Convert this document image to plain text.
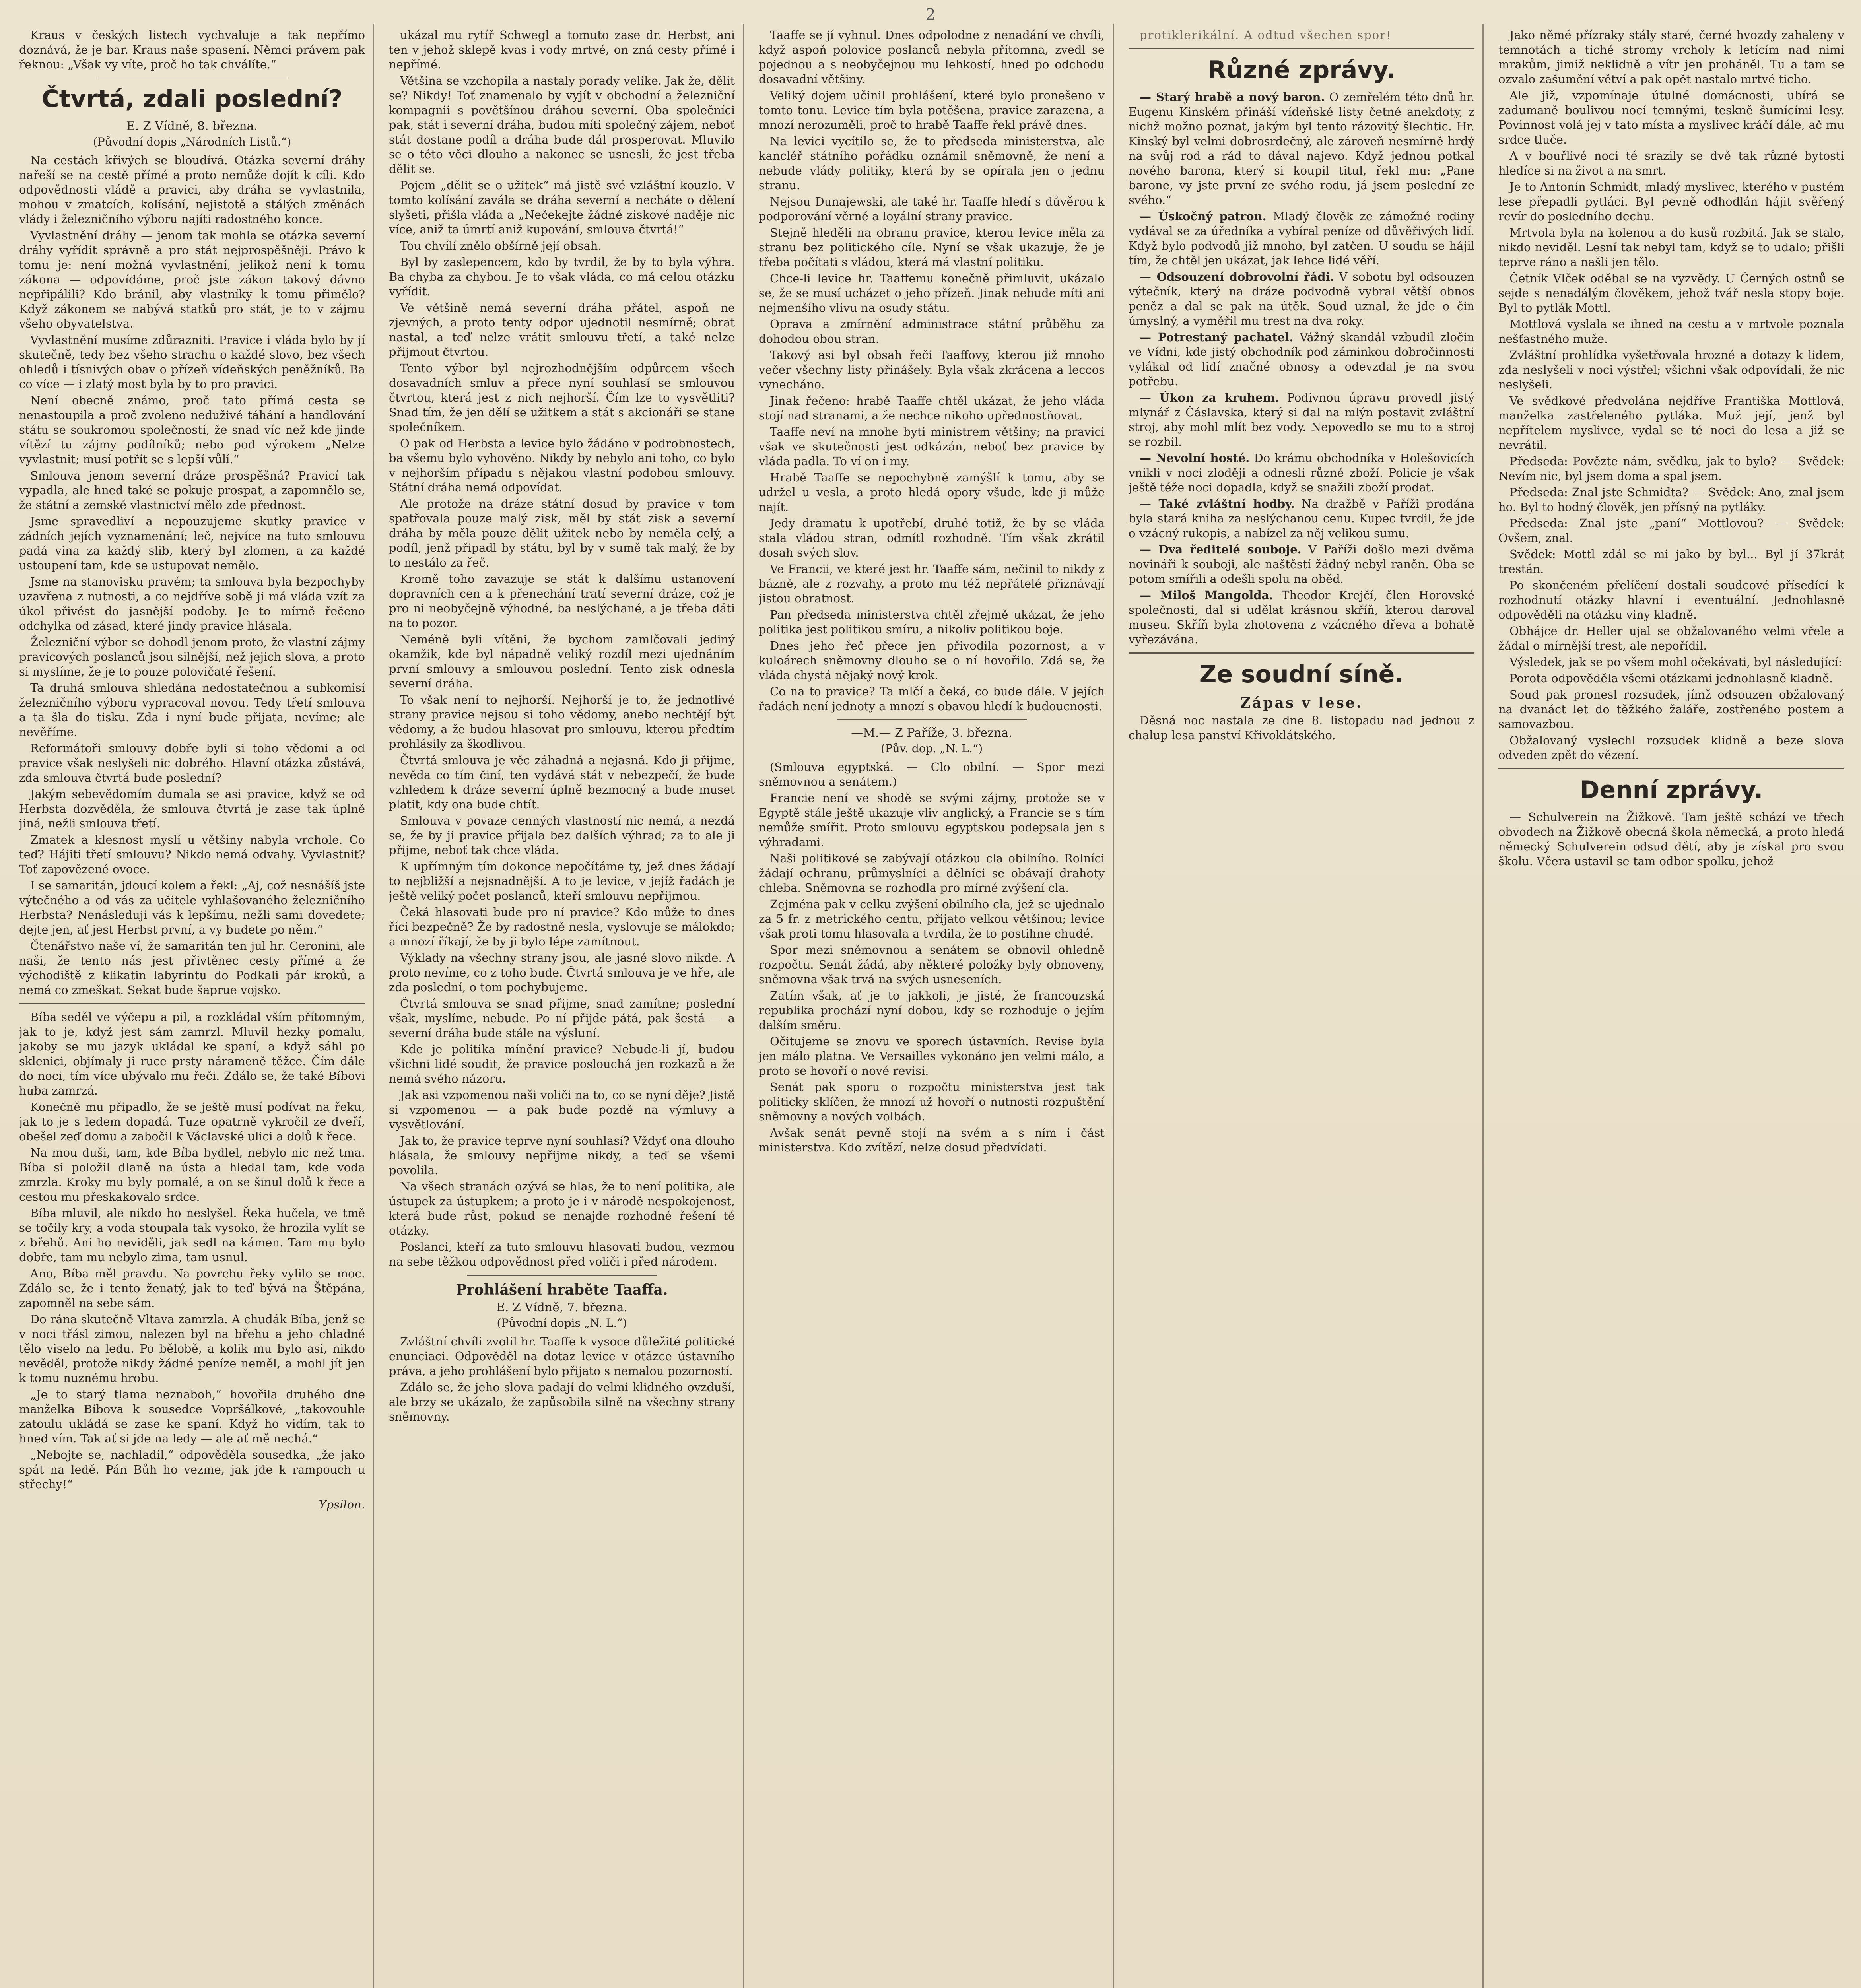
2

Kraus v českých listech vychvaluje a tak nepřímo doznává, že je bar. Kraus naše spasení. Němci právem pak řeknou: „Však vy víte, proč ho tak chválíte.“

Čtvrtá, zdali poslední?
E. Z Vídně, 8. března.
(Původní dopis „Národních Listů.“)

Na cestách křivých se bloudívá. Otázka severní dráhy nařeší se na cestě přímé a proto nemůže dojít k cíli. Kdo odpovědnosti vládě a pravici, aby dráha se vyvlastnila, mohou v zmatcích, kolísání, nejistotě a stálých změnách vlády i železničního výboru najíti radostného konce.

Vyvlastnění dráhy — jenom tak mohla se otázka severní dráhy vyřídit správně a pro stát nejprospěšněji. Právo k tomu je: není možná vyvlastnění, jelikož není k tomu zákona — odpovídáme, proč jste zákon takový dávno nepřipálili? Kdo bránil, aby vlastníky k tomu přimělo? Když zákonem se nabývá statků pro stát, je to v zájmu všeho obyvatelstva.

Vyvlastnění musíme zdůrazniti. Pravice i vláda bylo by jí skutečně, tedy bez všeho strachu o každé slovo, bez všech ohledů i tísnivých obav o přízeň vídeňských peněžníků. Ba co více — i zlatý most byla by to pro pravici.

Není obecně známo, proč tato přímá cesta se nenastoupila a proč zvoleno neduživé táhání a handlování státu se soukromou společností, že snad víc než kde jinde vítězí tu zájmy podílníků; nebo pod výrokem „Nelze vyvlastnit; musí potřít se s lepší vůlí.“

Smlouva jenom severní dráze prospěšná? Pravicí tak vypadla, ale hned také se pokuje prospat, a zapomnělo se, že státní a zemské vlastnictví mělo zde přednost.

Jsme spravedliví a nepouzujeme skutky pravice v zádních jejích vyznamenání; leč, nejvíce na tuto smlouvu padá vina za každý slib, který byl zlomen, a za každé ustoupení tam, kde se ustupovat nemělo.

Jsme na stanovisku pravém; ta smlouva byla bezpochyby uzavřena z nutnosti, a co nejdříve sobě ji má vláda vzít za úkol přivést do jasnější podoby. Je to mírně řečeno odchylka od zásad, které jindy pravice hlásala.

Železniční výbor se dohodl jenom proto, že vlastní zájmy pravicových poslanců jsou silnější, než jejich slova, a proto si myslíme, že je to pouze polovičaté řešení.

Ta druhá smlouva shledána nedostatečnou a subkomisí železničního výboru vypracoval novou. Tedy třetí smlouva a ta šla do tisku. Zda i nyní bude přijata, nevíme; ale nevěříme.

Reformátoři smlouvy dobře byli si toho vědomi a od pravice však neslyšeli nic dobrého. Hlavní otázka zůstává, zda smlouva čtvrtá bude poslední?

Jakým sebevědomím dumala se asi pravice, když se od Herbsta dozvěděla, že smlouva čtvrtá je zase tak úplně jiná, nežli smlouva třetí.

Zmatek a klesnost myslí u většiny nabyla vrchole. Co teď? Hájiti třetí smlouvu? Nikdo nemá odvahy. Vyvlastnit? Toť zapovězené ovoce.

I se samaritán, jdoucí kolem a řekl: „Aj, což nesnášíš jste výtečného a od vás za učitele vyhlašovaného železničního Herbsta? Nenásleduji vás k lepšímu, nežli sami dovedete; dejte jen, ať jest Herbst první, a vy budete po něm.“

Čtenářstvo naše ví, že samaritán ten jul hr. Ceronini, ale naši, že tento nás jest přivtěnec cesty přímé a že východiště z klikatin labyrintu do Podkali pár kroků, a nemá co zmeškat. Sekat bude šaprue vojsko.

Bíba seděl ve výčepu a pil, a rozkládal vším přítomným, jak to je, když jest sám zamrzl. Mluvil hezky pomalu, jakoby se mu jazyk ukládal ke spaní, a když sáhl po sklenici, objímaly ji ruce prsty nárameně těžce. Čím dále do noci, tím více ubývalo mu řeči. Zdálo se, že také Bíbovi huba zamrzá.

Konečně mu připadlo, že se ještě musí podívat na řeku, jak to je s ledem dopadá. Tuze opatrně vykročil ze dveří, obešel zeď domu a zabočil k Václavské ulici a dolů k řece.

Na mou duši, tam, kde Bíba bydlel, nebylo nic než tma. Bíba si položil dlaně na ústa a hledal tam, kde voda zmrzla. Kroky mu byly pomalé, a on se šinul dolů k řece a cestou mu přeskakovalo srdce.

Bíba mluvil, ale nikdo ho neslyšel. Řeka hučela, ve tmě se točily kry, a voda stoupala tak vysoko, že hrozila vylít se z břehů. Ani ho neviděli, jak sedl na kámen. Tam mu bylo dobře, tam mu nebylo zima, tam usnul.

Ano, Bíba měl pravdu. Na povrchu řeky vylilo se moc. Zdálo se, že i tento ženatý, jak to teď bývá na Štěpána, zapomněl na sebe sám.

Do rána skutečně Vltava zamrzla. A chudák Bíba, jenž se v noci třásl zimou, nalezen byl na břehu a jeho chladné tělo viselo na ledu. Po bělobě, a kolik mu bylo asi, nikdo nevěděl, protože nikdy žádné peníze neměl, a mohl jít jen k tomu nuznému hrobu.

„Je to starý tlama neznaboh,“ hovořila druhého dne manželka Bíbova k sousedce Vopršálkové, „takovouhle zatoulu ukládá se zase ke spaní. Když ho vidím, tak to hned vím. Tak ať si jde na ledy — ale ať mě nechá.“

„Nebojte se, nachladil,“ odpověděla sousedka, „že jako spát na ledě. Pán Bůh ho vezme, jak jde k rampouch u střechy!“

Ypsilon.

ukázal mu rytíř Schwegl a tomuto zase dr. Herbst, ani ten v jehož sklepě kvas i vody mrtvé, on zná cesty přímé i nepřímé.

Většina se vzchopila a nastaly porady velike. Jak že, dělit se? Nikdy! Toť znamenalo by vyjít v obchodní a železniční kompagnii s povětšínou dráhou severní. Oba společníci pak, stát i severní dráha, budou míti společný zájem, neboť stát dostane podíl a dráha bude dál prosperovat. Mluvilo se o této věci dlouho a nakonec se usnesli, že jest třeba dělit se.

Pojem „dělit se o užitek“ má jistě své vzláštní kouzlo. V tomto kolísání zavála se dráha severní a necháte o dělení slyšeti, přišla vláda a „Nečekejte žádné ziskové naděje nic více, aniž ta úmrtí aniž kupování, smlouva čtvrtá!“

Tou chvílí znělo obšírně její obsah.

Byl by zaslepencem, kdo by tvrdil, že by to byla výhra. Ba chyba za chybou. Je to však vláda, co má celou otázku vyřídit.

Ve většině nemá severní dráha přátel, aspoň ne zjevných, a proto tenty odpor ujednotil nesmírně; obrat nastal, a teď nelze vrátit smlouvu třetí, a také nelze přijmout čtvrtou.

Tento výbor byl nejrozhodnějším odpůrcem všech dosavadních smluv a přece nyní souhlasí se smlouvou čtvrtou, která jest z nich nejhorší. Čím lze to vysvětliti? Snad tím, že jen dělí se užitkem a stát s akcionáři se stane společníkem.

O pak od Herbsta a levice bylo žádáno v podrobnostech, ba všemu bylo vyhověno. Nikdy by nebylo ani toho, co bylo v nejhorším případu s nějakou vlastní podobou smlouvy. Státní dráha nemá odpovídat.

Ale protože na dráze státní dosud by pravice v tom spatřovala pouze malý zisk, měl by stát zisk a severní dráha by měla pouze dělit užitek nebo by neměla celý, a podíl, jenž připadl by státu, byl by v sumě tak malý, že by to nestálo za řeč.

Kromě toho zavazuje se stát k dalšímu ustanovení dopravních cen a k přenechání tratí severní dráze, což je pro ni neobyčejně výhodné, ba neslýchané, a je třeba dáti na to pozor.

Neméně byli vítěni, že bychom zamlčovali jediný okamžik, kde byl nápadně veliký rozdíl mezi ujednáním první smlouvy a smlouvou poslední. Tento zisk odnesla severní dráha.

To však není to nejhorší. Nejhorší je to, že jednotlivé strany pravice nejsou si toho vědomy, anebo nechtějí být vědomy, a že budou hlasovat pro smlouvu, kterou předtím prohlásily za škodlivou.

Čtvrtá smlouva je věc záhadná a nejasná. Kdo ji přijme, nevěda co tím činí, ten vydává stát v nebezpečí, že bude vzhledem k dráze severní úplně bezmocný a bude muset platit, kdy ona bude chtít.

Smlouva v povaze cenných vlastností nic nemá, a nezdá se, že by ji pravice přijala bez dalších výhrad; za to ale ji přijme, neboť tak chce vláda.

K upřímným tím dokonce nepočítáme ty, jež dnes žádají to nejbližší a nejsnadnější. A to je levice, v jejíž řadách je ještě veliký počet poslanců, kteří smlouvu nepřijmou.

Čeká hlasovati bude pro ní pravice? Kdo může to dnes říci bezpečně? Že by radostně nesla, vyslovuje se málokdo; a mnozí říkají, že by ji bylo lépe zamítnout.

Výklady na všechny strany jsou, ale jasné slovo nikde. A proto nevíme, co z toho bude. Čtvrtá smlouva je ve hře, ale zda poslední, o tom pochybujeme.

Čtvrtá smlouva se snad přijme, snad zamítne; poslední však, myslíme, nebude. Po ní přijde pátá, pak šestá — a severní dráha bude stále na výsluní.

Kde je politika mínění pravice? Nebude-li jí, budou všichni lidé soudit, že pravice poslouchá jen rozkazů a že nemá svého názoru.

Jak asi vzpomenou naši voliči na to, co se nyní děje? Jistě si vzpomenou — a pak bude pozdě na výmluvy a vysvětlování.

Jak to, že pravice teprve nyní souhlasí? Vždyť ona dlouho hlásala, že smlouvy nepřijme nikdy, a teď se všemi povolila.

Na všech stranách ozývá se hlas, že to není politika, ale ústupek za ústupkem; a proto je i v národě nespokojenost, která bude růst, pokud se nenajde rozhodné řešení té otázky.

Poslanci, kteří za tuto smlouvu hlasovati budou, vezmou na sebe těžkou odpovědnost před voliči i před národem.

Prohlášení hraběte Taaffa.
E. Z Vídně, 7. března.
(Původní dopis „N. L.“)

Zvláštní chvíli zvolil hr. Taaffe k vysoce důležité politické enunciaci. Odpověděl na dotaz levice v otázce ústavního práva, a jeho prohlášení bylo přijato s nemalou pozorností.

Zdálo se, že jeho slova padají do velmi klidného ovzduší, ale brzy se ukázalo, že zapůsobila silně na všechny strany sněmovny.

Taaffe se jí vyhnul. Dnes odpolodne z nenadání ve chvíli, když aspoň polovice poslanců nebyla přítomna, zvedl se pojednou a s neobyčejnou mu lehkostí, hned po odchodu dosavadní většiny.

Veliký dojem učinil prohlášení, které bylo pronešeno v tomto tonu. Levice tím byla potěšena, pravice zarazena, a mnozí nerozuměli, proč to hrabě Taaffe řekl právě dnes.

Na levici vycítilo se, že to předseda ministerstva, ale kancléř státního pořádku oznámil sněmovně, že není a nebude vlády politiky, která by se opírala jen o jednu stranu.

Nejsou Dunajewski, ale také hr. Taaffe hledí s důvěrou k podporování věrné a loyální strany pravice.

Stejně hleděli na obranu pravice, kterou levice měla za stranu bez politického cíle. Nyní se však ukazuje, že je třeba počítati s vládou, která má vlastní politiku.

Chce-li levice hr. Taaffemu konečně přimluvit, ukázalo se, že se musí ucházet o jeho přízeň. Jinak nebude míti ani nejmenšího vlivu na osudy státu.

Oprava a zmírnění administrace státní průběhu za dohodou obou stran.

Takový asi byl obsah řeči Taaffovy, kterou již mnoho večer všechny listy přinášely. Byla však zkrácena a leccos vynecháno.

Jinak řečeno: hrabě Taaffe chtěl ukázat, že jeho vláda stojí nad stranami, a že nechce nikoho upřednostňovat.

Taaffe neví na mnohe byti ministrem většiny; na pravici však ve skutečnosti jest odkázán, neboť bez pravice by vláda padla. To ví on i my.

Hrabě Taaffe se nepochybně zamýšlí k tomu, aby se udržel u vesla, a proto hledá opory všude, kde ji může najít.

Jedy dramatu k upotřebí, druhé totiž, že by se vláda stala vládou stran, odmítl rozhodně. Tím však zkrátil dosah svých slov.

Ve Francii, ve které jest hr. Taaffe sám, nečinil to nikdy z bázně, ale z rozvahy, a proto mu též nepřátelé přiznávají jistou obratnost.

Pan předseda ministerstva chtěl zřejmě ukázat, že jeho politika jest politikou smíru, a nikoliv politikou boje.

Dnes jeho řeč přece jen přivodila pozornost, a v kuloárech sněmovny dlouho se o ní hovořilo. Zdá se, že vláda chystá nějaký nový krok.

Co na to pravice? Ta mlčí a čeká, co bude dále. V jejích řadách není jednoty a mnozí s obavou hledí k budoucnosti.

—M.— Z Paříže, 3. března.
(Pův. dop. „N. L.“)

(Smlouva egyptská. — Clo obilní. — Spor mezi sněmovnou a senátem.)

Francie není ve shodě se svými zájmy, protože se v Egyptě stále ještě ukazuje vliv anglický, a Francie se s tím nemůže smířit. Proto smlouvu egyptskou podepsala jen s výhradami.

Naši politikové se zabývají otázkou cla obilního. Rolníci žádají ochranu, průmyslníci a dělníci se obávají drahoty chleba. Sněmovna se rozhodla pro mírné zvýšení cla.

Zejména pak v celku zvýšení obilního cla, jež se ujednalo za 5 fr. z metrického centu, přijato velkou většinou; levice však proti tomu hlasovala a tvrdila, že to postihne chudé.

Spor mezi sněmovnou a senátem se obnovil ohledně rozpočtu. Senát žádá, aby některé položky byly obnoveny, sněmovna však trvá na svých usneseních.

Zatím však, ať je to jakkoli, je jisté, že francouzská republika prochází nyní dobou, kdy se rozhoduje o jejím dalším směru.

Očitujeme se znovu ve sporech ústavních. Revise byla jen málo platna. Ve Versailles vykonáno jen velmi málo, a proto se hovoří o nové revisi.

Senát pak sporu o rozpočtu ministerstva jest tak politicky sklíčen, že mnozí už hovoří o nutnosti rozpuštění sněmovny a nových volbách.

Avšak senát pevně stojí na svém a s ním i část ministerstva. Kdo zvítězí, nelze dosud předvídati.

protiklerikální. A odtud všechen spor!

Různé zprávy.

— Starý hrabě a nový baron. O zemřelém této dnů hr. Eugenu Kinském přináší vídeňské listy četné anekdoty, z nichž možno poznat, jakým byl tento rázovitý šlechtic. Hr. Kinský byl velmi dobrosrdečný, ale zároveň nesmírně hrdý na svůj rod a rád to dával najevo. Když jednou potkal nového barona, který si koupil titul, řekl mu: „Pane barone, vy jste první ze svého rodu, já jsem poslední ze svého.“

— Úskočný patron. Mladý člověk ze zámožné rodiny vydával se za úředníka a vybíral peníze od důvěřivých lidí. Když bylo podvodů již mnoho, byl zatčen. U soudu se hájil tím, že chtěl jen ukázat, jak lehce lidé věří.

— Odsouzení dobrovolní řádi. V sobotu byl odsouzen výtečník, který na dráze podvodně vybral větší obnos peněz a dal se pak na útěk. Soud uznal, že jde o čin úmyslný, a vyměřil mu trest na dva roky.

— Potrestaný pachatel. Vážný skandál vzbudil zločin ve Vídni, kde jistý obchodník pod záminkou dobročinnosti vylákal od lidí značné obnosy a odevzdal je na svou potřebu.

— Úkon za kruhem. Podivnou úpravu provedl jistý mlynář z Čáslavska, který si dal na mlýn postavit zvláštní stroj, aby mohl mlít bez vody. Nepovedlo se mu to a stroj se rozbil.

— Nevolní hosté. Do krámu obchodníka v Holešovicích vnikli v noci zloději a odnesli různé zboží. Policie je však ještě téže noci dopadla, když se snažili zboží prodat.

— Také zvláštní hodby. Na dražbě v Paříži prodána byla stará kniha za neslýchanou cenu. Kupec tvrdil, že jde o vzácný rukopis, a nabízel za něj velikou sumu.

— Dva ředitelé souboje. V Paříži došlo mezi dvěma novináři k souboji, ale naštěstí žádný nebyl raněn. Oba se potom smířili a odešli spolu na oběd.

— Miloš Mangolda. Theodor Krejčí, člen Horovské společnosti, dal si udělat krásnou skříň, kterou daroval museu. Skříň byla zhotovena z vzácného dřeva a bohatě vyřezávána.

Ze soudní síně.
Zápas v lese.

Děsná noc nastala ze dne 8. listopadu nad jednou z chalup lesa panství Křivoklátského.

Jako němé přízraky stály staré, černé hvozdy zahaleny v temnotách a tiché stromy vrcholy k letícím nad nimi mrakům, jimiž neklidně a vítr jen proháněl. Tu a tam se ozvalo zašumění větví a pak opět nastalo mrtvé ticho.

Ale již, vzpomínaje útulné domácnosti, ubírá se zadumaně boulivou nocí temnými, teskně šumícími lesy. Povinnost volá jej v tato místa a myslivec kráčí dále, ač mu srdce tluče.

A v bouřlivé noci té srazily se dvě tak různé bytosti hledíce si na život a na smrt.

Je to Antonín Schmidt, mladý myslivec, kterého v pustém lese přepadli pytláci. Byl pevně odhodlán hájit svěřený revír do posledního dechu.

Mrtvola byla na kolenou a do kusů rozbitá. Jak se stalo, nikdo neviděl. Lesní tak nebyl tam, když se to udalo; přišli teprve ráno a našli jen tělo.

Četník Vlček oděbal se na vyzvědy. U Černých ostnů se sejde s nenadálým člověkem, jehož tvář nesla stopy boje. Byl to pytlák Mottl.

Mottlová vyslala se ihned na cestu a v mrtvole poznala nešťastného muže.

Zvláštní prohlídka vyšetřovala hrozné a dotazy k lidem, zda neslyšeli v noci výstřel; všichni však odpovídali, že nic neslyšeli.

Ve svědkové předvolána nejdříve Františka Mottlová, manželka zastřeleného pytláka. Muž její, jenž byl nepřítelem myslivce, vydal se té noci do lesa a již se nevrátil.

Předseda: Povězte nám, svědku, jak to bylo? — Svědek: Nevím nic, byl jsem doma a spal jsem.

Předseda: Znal jste Schmidta? — Svědek: Ano, znal jsem ho. Byl to hodný člověk, jen přísný na pytláky.

Předseda: Znal jste „paní“ Mottlovou? — Svědek: Ovšem, znal.

Svědek: Mottl zdál se mi jako by byl... Byl jí 37krát trestán.

Po skončeném přelíčení dostali soudcové přísedící k rozhodnutí otázky hlavní i eventuální. Jednohlasně odpověděli na otázku viny kladně.

Obhájce dr. Heller ujal se obžalovaného velmi vřele a žádal o mírnější trest, ale nepořídil.

Výsledek, jak se po všem mohl očekávati, byl následující:

Porota odpověděla všemi otázkami jednohlasně kladně.

Soud pak pronesl rozsudek, jímž odsouzen obžalovaný na dvanáct let do těžkého žaláře, zostřeného postem a samovazbou.

Obžalovaný vyslechl rozsudek klidně a beze slova odveden zpět do vězení.

Denní zprávy.

— Schulverein na Žižkově. Tam ještě schází ve třech obvodech na Žižkově obecná škola německá, a proto hledá německý Schulverein odsud dětí, aby je získal pro svou školu. Včera ustavil se tam odbor spolku, jehož
